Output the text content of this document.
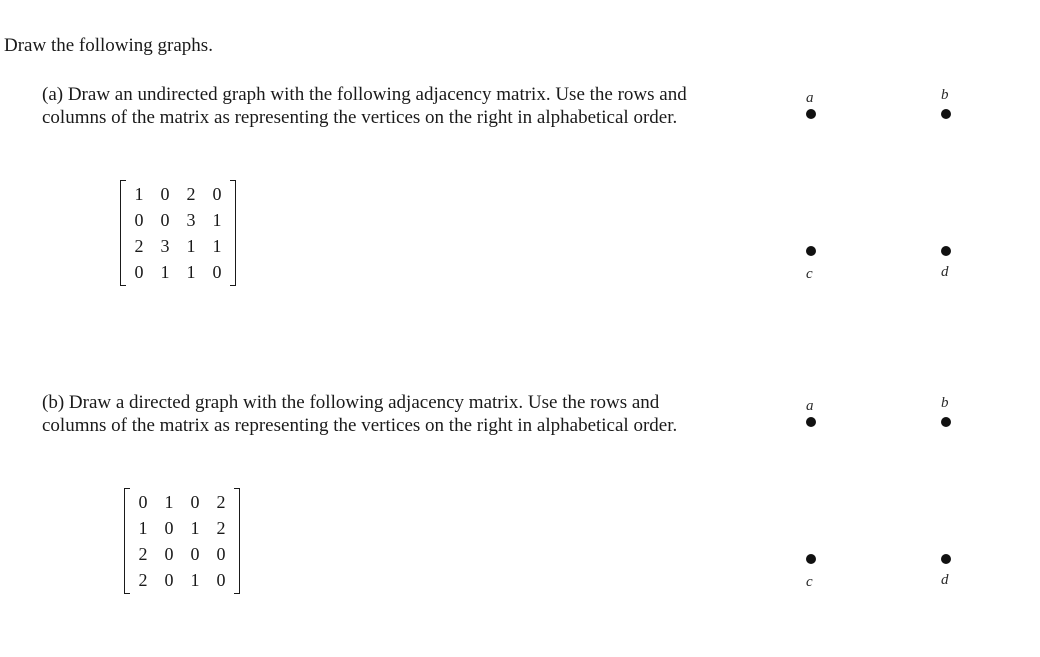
Draw the following graphs.

(a) Draw an undirected graph with the following adjacency matrix. Use the rows and
columns of the matrix as representing the vertices on the right in alphabetical order.

1	0	2	0
0	0	3	1
2	3	1	1
0	1	1	0
a	b
c	d

(b) Draw a directed graph with the following adjacency matrix. Use the rows and
columns of the matrix as representing the vertices on the right in alphabetical order.

0	1	0	2
1	0	1	2
2	0	0	0
2	0	1	0
a	b
c	d
